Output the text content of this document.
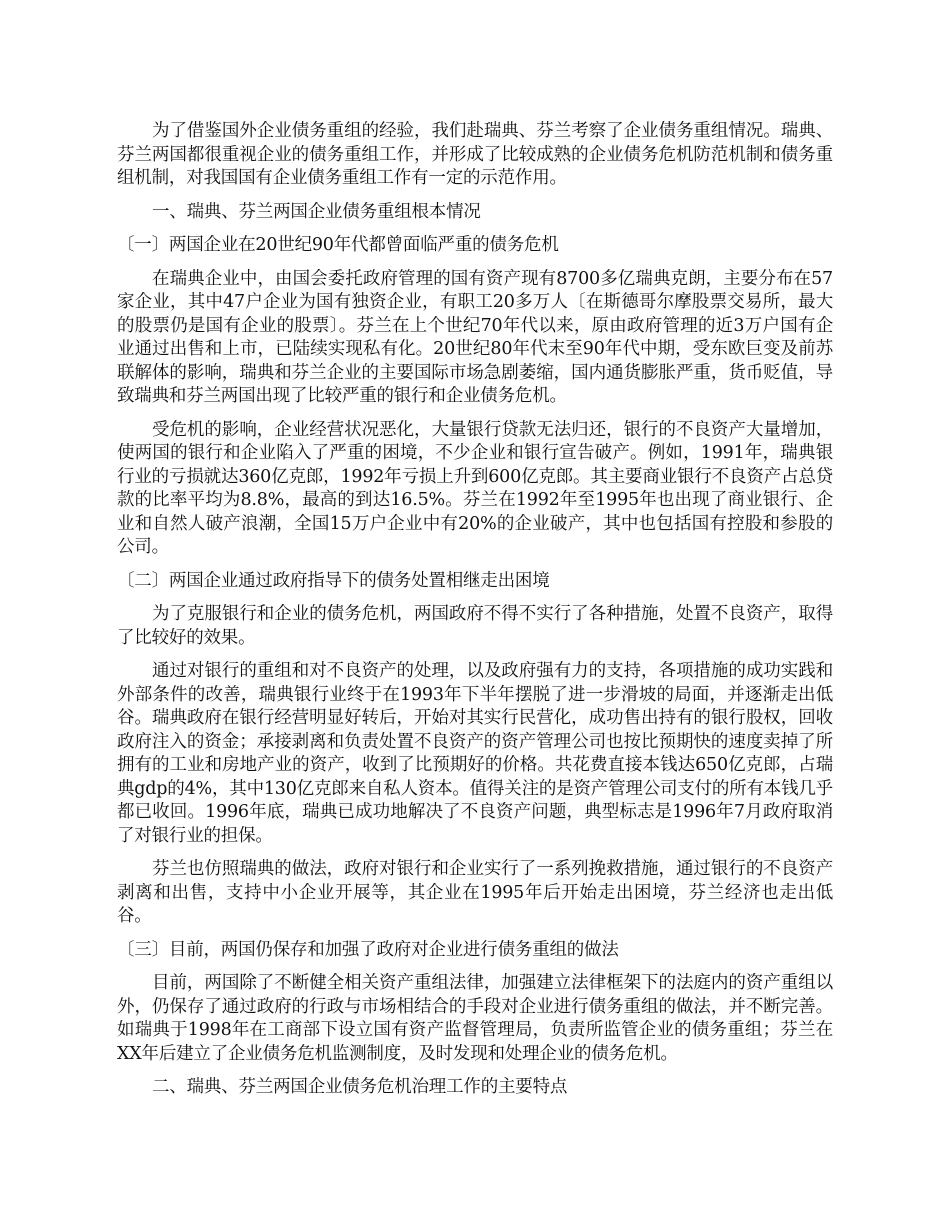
为了借鉴国外企业债务重组的经验，我们赴瑞典、芬兰考察了企业债务重组情况。瑞典、芬兰两国都很重视企业的债务重组工作，并形成了比较成熟的企业债务危机防范机制和债务重组机制，对我国国有企业债务重组工作有一定的示范作用。

一、瑞典、芬兰两国企业债务重组根本情况

〔一〕两国企业在20世纪90年代都曾面临严重的债务危机

在瑞典企业中，由国会委托政府管理的国有资产现有8700多亿瑞典克朗，主要分布在57家企业，其中47户企业为国有独资企业，有职工20多万人〔在斯德哥尔摩股票交易所，最大的股票仍是国有企业的股票〕。芬兰在上个世纪70年代以来，原由政府管理的近3万户国有企业通过出售和上市，已陆续实现私有化。20世纪80年代末至90年代中期，受东欧巨变及前苏联解体的影响，瑞典和芬兰企业的主要国际市场急剧萎缩，国内通货膨胀严重，货币贬值，导致瑞典和芬兰两国出现了比较严重的银行和企业债务危机。

受危机的影响，企业经营状况恶化，大量银行贷款无法归还，银行的不良资产大量增加，使两国的银行和企业陷入了严重的困境，不少企业和银行宣告破产。例如，1991年，瑞典银行业的亏损就达360亿克郎，1992年亏损上升到600亿克郎。其主要商业银行不良资产占总贷款的比率平均为8.8%，最高的到达16.5%。芬兰在1992年至1995年也出现了商业银行、企业和自然人破产浪潮，全国15万户企业中有20%的企业破产，其中也包括国有控股和参股的公司。

〔二〕两国企业通过政府指导下的债务处置相继走出困境

为了克服银行和企业的债务危机，两国政府不得不实行了各种措施，处置不良资产，取得了比较好的效果。

通过对银行的重组和对不良资产的处理，以及政府强有力的支持，各项措施的成功实践和外部条件的改善，瑞典银行业终于在1993年下半年摆脱了进一步滑坡的局面，并逐渐走出低谷。瑞典政府在银行经营明显好转后，开始对其实行民营化，成功售出持有的银行股权，回收政府注入的资金；承接剥离和负责处置不良资产的资产管理公司也按比预期快的速度卖掉了所拥有的工业和房地产业的资产，收到了比预期好的价格。共花费直接本钱达650亿克郎，占瑞典gdp的4%，其中130亿克郎来自私人资本。值得关注的是资产管理公司支付的所有本钱几乎都已收回。1996年底，瑞典已成功地解决了不良资产问题，典型标志是1996年7月政府取消了对银行业的担保。

芬兰也仿照瑞典的做法，政府对银行和企业实行了一系列挽救措施，通过银行的不良资产剥离和出售，支持中小企业开展等，其企业在1995年后开始走出困境，芬兰经济也走出低谷。

〔三〕目前，两国仍保存和加强了政府对企业进行债务重组的做法

目前，两国除了不断健全相关资产重组法律，加强建立法律框架下的法庭内的资产重组以外，仍保存了通过政府的行政与市场相结合的手段对企业进行债务重组的做法，并不断完善。如瑞典于1998年在工商部下设立国有资产监督管理局，负责所监管企业的债务重组；芬兰在XX年后建立了企业债务危机监测制度，及时发现和处理企业的债务危机。

二、瑞典、芬兰两国企业债务危机治理工作的主要特点
